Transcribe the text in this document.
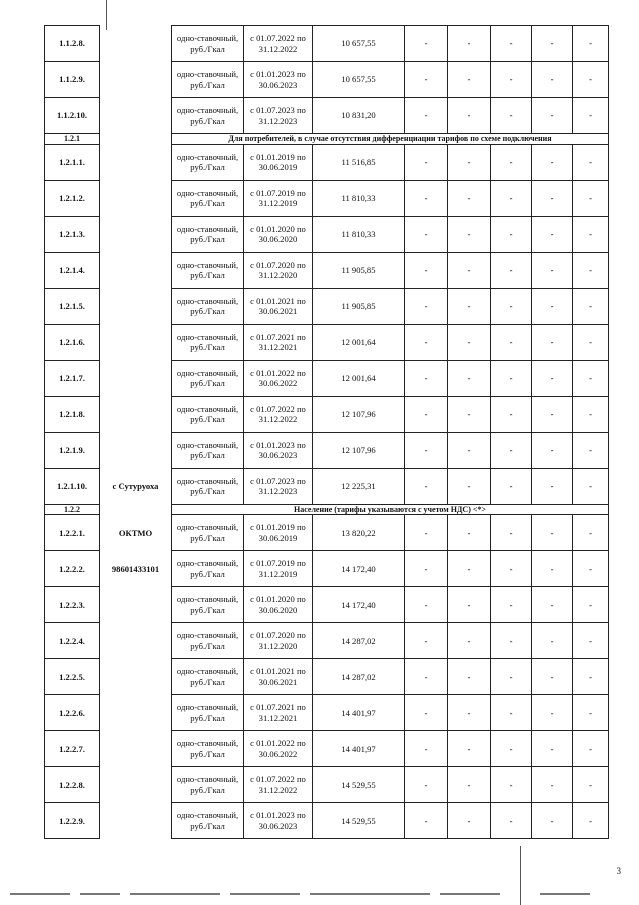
1.1.2.8.		одно-ставочный, руб./Гкал	с 01.07.2022 по 31.12.2022	10 657,55	-	-	-	-	-
1.1.2.9.		одно-ставочный, руб./Гкал	с 01.01.2023 по 30.06.2023	10 657,55	-	-	-	-	-
1.1.2.10.		одно-ставочный, руб./Гкал	с 01.07.2023 по 31.12.2023	10 831,20	-	-	-	-	-
1.2.1		Для потребителей, в случае отсутствия дифференциации тарифов по схеме подключения							
1.2.1.1.		одно-ставочный, руб./Гкал	с 01.01.2019 по 30.06.2019	11 516,85	-	-	-	-	-
1.2.1.2.		одно-ставочный, руб./Гкал	с 01.07.2019 по 31.12.2019	11 810,33	-	-	-	-	-
1.2.1.3.		одно-ставочный, руб./Гкал	с 01.01.2020 по 30.06.2020	11 810,33	-	-	-	-	-
1.2.1.4.		одно-ставочный, руб./Гкал	с 01.07.2020 по 31.12.2020	11 905,85	-	-	-	-	-
1.2.1.5.		одно-ставочный, руб./Гкал	с 01.01.2021 по 30.06.2021	11 905,85	-	-	-	-	-
1.2.1.6.		одно-ставочный, руб./Гкал	с 01.07.2021 по 31.12.2021	12 001,64	-	-	-	-	-
1.2.1.7.		одно-ставочный, руб./Гкал	с 01.01.2022 по 30.06.2022	12 001,64	-	-	-	-	-
1.2.1.8.		одно-ставочный, руб./Гкал	с 01.07.2022 по 31.12.2022	12 107,96	-	-	-	-	-
1.2.1.9.		одно-ставочный, руб./Гкал	с 01.01.2023 по 30.06.2023	12 107,96	-	-	-	-	-
1.2.1.10.	с Сутуруоха	одно-ставочный, руб./Гкал	с 01.07.2023 по 31.12.2023	12 225,31	-	-	-	-	-
1.2.2		Население (тарифы указываются с учетом НДС) <*>							
1.2.2.1.	ОКТМО	одно-ставочный, руб./Гкал	с 01.01.2019 по 30.06.2019	13 820,22	-	-	-	-	-
1.2.2.2.	98601433101	одно-ставочный, руб./Гкал	с 01.07.2019 по 31.12.2019	14 172,40	-	-	-	-	-
1.2.2.3.		одно-ставочный, руб./Гкал	с 01.01.2020 по 30.06.2020	14 172,40	-	-	-	-	-
1.2.2.4.		одно-ставочный, руб./Гкал	с 01.07.2020 по 31.12.2020	14 287,02	-	-	-	-	-
1.2.2.5.		одно-ставочный, руб./Гкал	с 01.01.2021 по 30.06.2021	14 287,02	-	-	-	-	-
1.2.2.6.		одно-ставочный, руб./Гкал	с 01.07.2021 по 31.12.2021	14 401,97	-	-	-	-	-
1.2.2.7.		одно-ставочный, руб./Гкал	с 01.01.2022 по 30.06.2022	14 401,97	-	-	-	-	-
1.2.2.8.		одно-ставочный, руб./Гкал	с 01.07.2022 по 31.12.2022	14 529,55	-	-	-	-	-
1.2.2.9.		одно-ставочный, руб./Гкал	с 01.01.2023 по 30.06.2023	14 529,55	-	-	-	-	-
3
